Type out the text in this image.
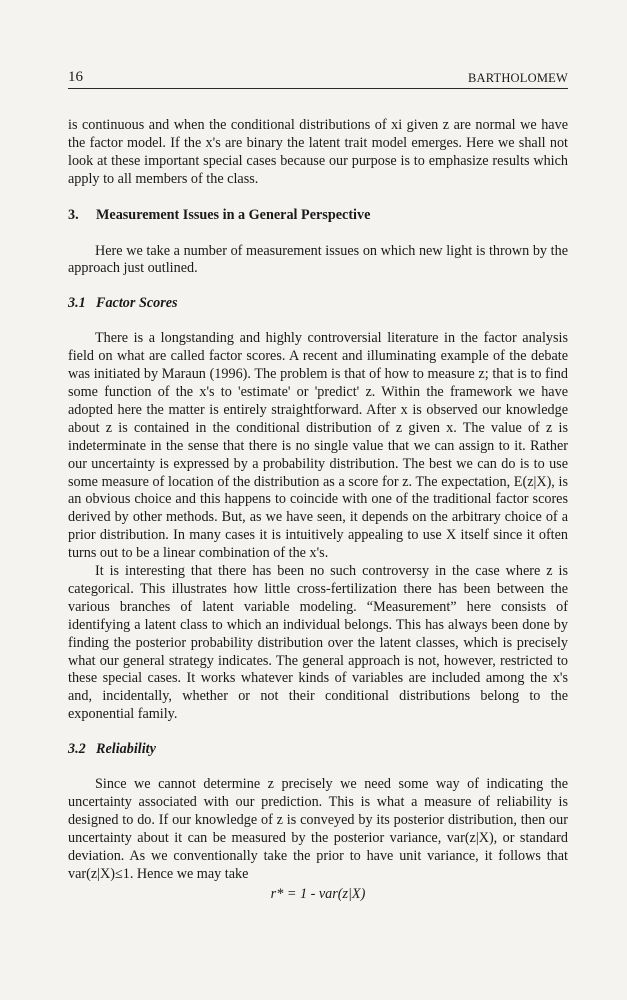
16	BARTHOLOMEW

is continuous and when the conditional distributions of xi given z are normal we have the factor model. If the x's are binary the latent trait model emerges. Here we shall not look at these important special cases because our purpose is to emphasize results which apply to all members of the class.

3. Measurement Issues in a General Perspective

Here we take a number of measurement issues on which new light is thrown by the approach just outlined.

3.1 Factor Scores

There is a longstanding and highly controversial literature in the factor analysis field on what are called factor scores. A recent and illuminating example of the debate was initiated by Maraun (1996). The problem is that of how to measure z; that is to find some function of the x's to 'estimate' or 'predict' z. Within the framework we have adopted here the matter is entirely straightforward. After x is observed our knowledge about z is contained in the conditional distribution of z given x. The value of z is indeterminate in the sense that there is no single value that we can assign to it. Rather our uncertainty is expressed by a probability distribution. The best we can do is to use some measure of location of the distribution as a score for z. The expectation, E(z|X), is an obvious choice and this happens to coincide with one of the traditional factor scores derived by other methods. But, as we have seen, it depends on the arbitrary choice of a prior distribution. In many cases it is intuitively appealing to use X itself since it often turns out to be a linear combination of the x's.

It is interesting that there has been no such controversy in the case where z is categorical. This illustrates how little cross-fertilization there has been between the various branches of latent variable modeling. “Measurement” here consists of identifying a latent class to which an individual belongs. This has always been done by finding the posterior probability distribution over the latent classes, which is precisely what our general strategy indicates. The general approach is not, however, restricted to these special cases. It works whatever kinds of variables are included among the x's and, incidentally, whether or not their conditional distributions belong to the exponential family.

3.2 Reliability

Since we cannot determine z precisely we need some way of indicating the uncertainty associated with our prediction. This is what a measure of reliability is designed to do. If our knowledge of z is conveyed by its posterior distribution, then our uncertainty about it can be measured by the posterior variance, var(z|X), or standard deviation. As we conventionally take the prior to have unit variance, it follows that var(z|X)≤1. Hence we may take

r* = 1 - var(z|X)
